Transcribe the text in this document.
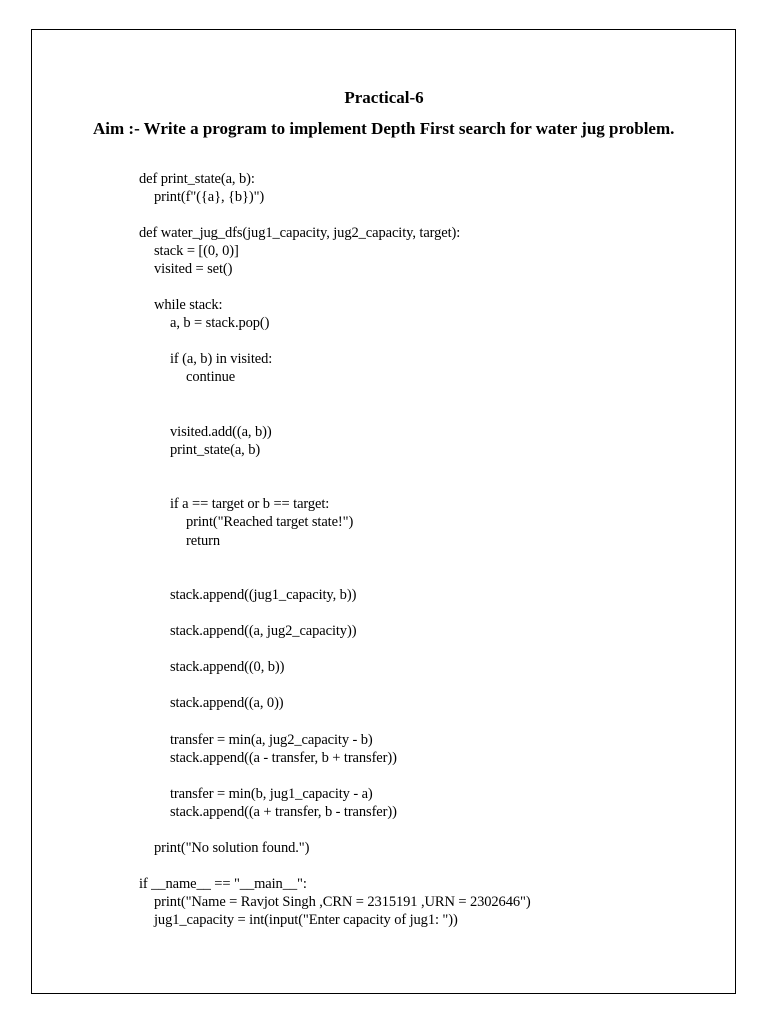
Practical-6

Aim :- Write a program to implement Depth First search for water jug problem.

def print_state(a, b):
print(f"({a}, {b})")
def water_jug_dfs(jug1_capacity, jug2_capacity, target):
stack = [(0, 0)]
visited = set()
while stack:
a, b = stack.pop()
if (a, b) in visited:
continue
visited.add((a, b))
print_state(a, b)
if a == target or b == target:
print("Reached target state!")
return
stack.append((jug1_capacity, b))
stack.append((a, jug2_capacity))
stack.append((0, b))
stack.append((a, 0))
transfer = min(a, jug2_capacity - b)
stack.append((a - transfer, b + transfer))
transfer = min(b, jug1_capacity - a)
stack.append((a + transfer, b - transfer))
print("No solution found.")
if __name__ == "__main__":
print("Name = Ravjot Singh ,CRN = 2315191 ,URN = 2302646")
jug1_capacity = int(input("Enter capacity of jug1: "))
